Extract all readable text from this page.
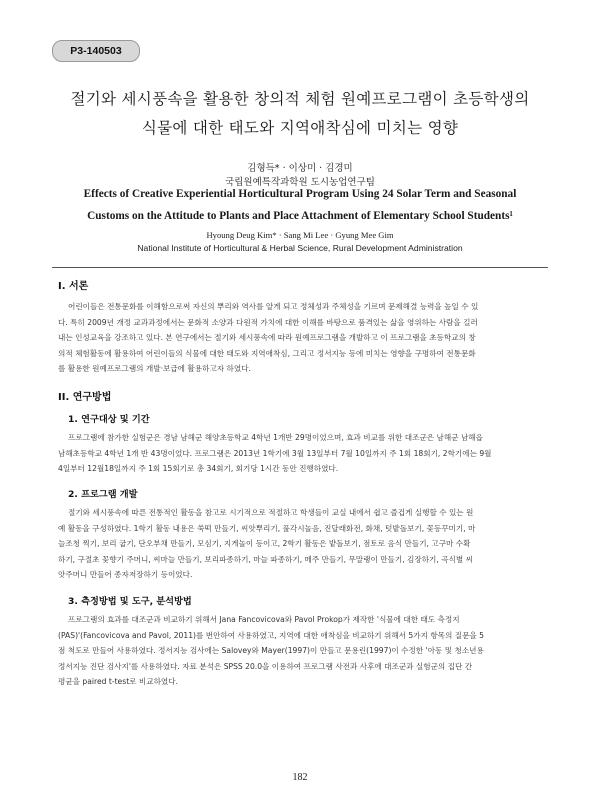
P3-140503
절기와 세시풍속을 활용한 창의적 체험 원예프로그램이 초등학생의
식물에 대한 태도와 지역애착심에 미치는 영향
김형득* · 이상미 · 김경미
국립원예특작과학원 도시농업연구팀
Effects of Creative Experiential Horticultural Program Using 24 Solar Term and Seasonal
Customs on the Attitude to Plants and Place Attachment of Elementary School Students¹
Hyoung Deug Kim* · Sang Mi Lee · Gyung Mee Gim
National Institute of Horticultural & Herbal Science, Rural Development Administration
I. 서론
어린이들은 전통문화를 이해함으로써 자신의 뿌리와 역사를 알게 되고 정체성과 주체성을 기르며 문제해결 능력을 높일 수 있
다. 특히 2009년 개정 교과과정에서는 문화적 소양과 다원적 가치에 대한 이해를 바탕으로 품격있는 삶을 영위하는 사람을 길러
내는 인성교육을 강조하고 있다. 본 연구에서는 절기와 세시풍속에 따라 원예프로그램을 개발하고 이 프로그램을 초등학교의 창
의적 체험활동에 활용하여 어린이들의 식물에 대한 태도와 지역애착심, 그리고 정서지능 등에 미치는 영향을 구명하여 전통문화
를 활용한 원예프로그램의 개발·보급에 활용하고자 하였다.
II. 연구방법
1. 연구대상 및 기간
프로그램에 참가한 실험군은 경남 남해군 해양초등학교 4학년 1개반 29명이었으며, 효과 비교를 위한 대조군은 남해군 남해읍
남해초등학교 4학년 1개 반 43명이었다. 프로그램은 2013년 1학기에 3월 13일부터 7월 10일까지 주 1회 18회기, 2학기에는 9월
4일부터 12월18일까지 주 1회 15회기로 총 34회기, 회기당 1시간 동안 진행하였다.
2. 프로그램 개발
절기와 세시풍속에 따른 전통적인 활동을 참고로 시기적으로 적절하고 학생들이 교실 내에서 쉽고 즐겁게 실행할 수 있는 원
예 활동을 구성하였다. 1학기 활동 내용은 쑥떡 만들기, 씨앗뿌리기, 풀각시놀음, 진달래화전, 화채, 텃밭돌보기, 꽃등꾸미기, 마
늘조청 찍기, 보리 굽기, 단오부채 만들기, 모심기, 지게놀이 등이고, 2학기 활동은 밭돌보기, 점토로 음식 만들기, 고구마 수확
하기, 구절초 꽃향기 주머니, 씨마늘 만들기, 보리파종하기, 마늘 파종하기, 메주 만들기, 무말랭이 만들기, 김장하기, 곡식별 씨
앗주머니 만들어 종자저장하기 등이었다.
3. 측정방법 및 도구, 분석방법
프로그램의 효과를 대조군과 비교하기 위해서 Jana Fancovicova와 Pavol Prokop가 제작한 '식물에 대한 태도 측정지
(PAS)'(Fancovicova and Pavol, 2011)를 번안하여 사용하였고, 지역에 대한 애착심을 비교하기 위해서 5가지 항목의 질문을 5
점 척도로 만들어 사용하였다. 정서지능 검사에는 Salovey와 Mayer(1997)이 만들고 문용린(1997)이 수정한 '아동 및 청소년용
정서지능 진단 검사지'를 사용하였다. 자료 분석은 SPSS 20.0을 이용하여 프로그램 사전과 사후에 대조군과 실험군의 집단 간
평균을 paired t-test로 비교하였다.
182
